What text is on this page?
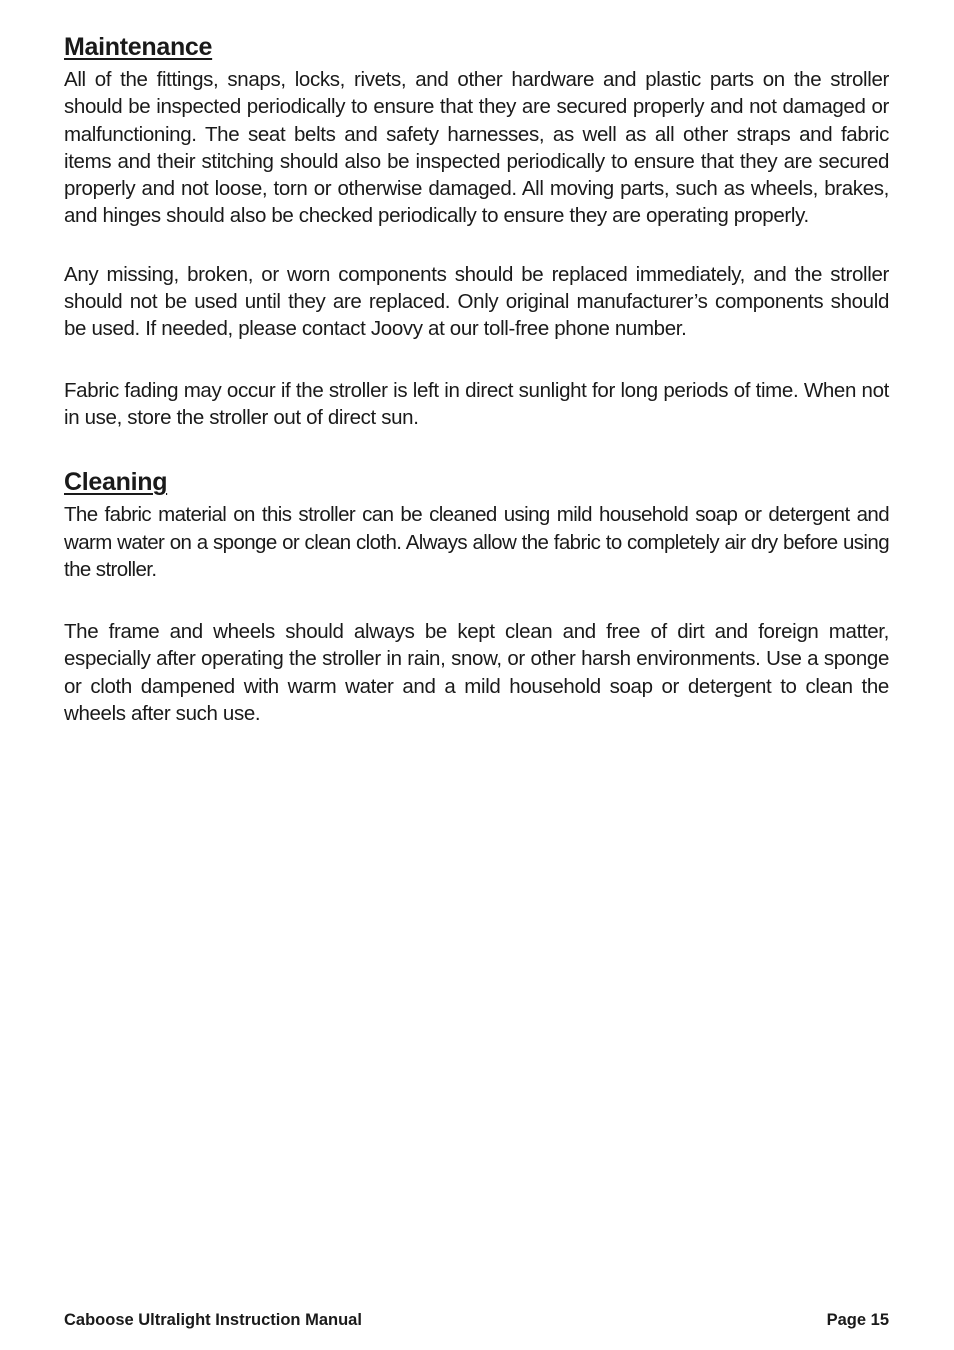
Maintenance

All of the fittings, snaps, locks, rivets, and other hardware and plastic parts on the stroller should be inspected periodically to ensure that they are secured properly and not damaged or malfunctioning. The seat belts and safety harnesses, as well as all other straps and fabric items and their stitching should also be inspected periodically to ensure that they are secured properly and not loose, torn or otherwise damaged. All moving parts, such as wheels, brakes, and hinges should also be checked periodically to ensure they are operating properly.

Any missing, broken, or worn components should be replaced immediately, and the stroller should not be used until they are replaced. Only original manufacturer’s components should be used. If needed, please contact Joovy at our toll-free phone number.

Fabric fading may occur if the stroller is left in direct sunlight for long periods of time. When not in use, store the stroller out of direct sun.

Cleaning

The fabric material on this stroller can be cleaned using mild household soap or detergent and warm water on a sponge or clean cloth. Always allow the fabric to completely air dry before using the stroller.

The frame and wheels should always be kept clean and free of dirt and foreign matter, especially after operating the stroller in rain, snow, or other harsh environments. Use a sponge or cloth dampened with warm water and a mild household soap or detergent to clean the wheels after such use.

Caboose Ultralight Instruction Manual	Page 15
